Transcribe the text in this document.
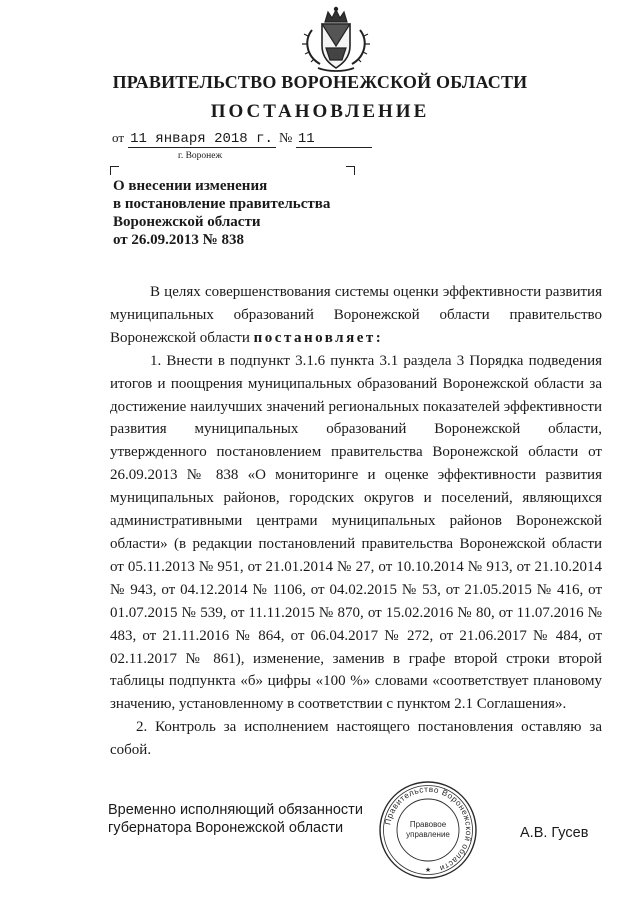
ПРАВИТЕЛЬСТВО ВОРОНЕЖСКОЙ ОБЛАСТИ
ПОСТАНОВЛЕНИЕ
от 11 января 2018 г. № 11
г. Воронеж
О внесении изменения
в постановление правительства
Воронежской области
от 26.09.2013 № 838

В целях совершенствования системы оценки эффективности развития муниципальных образований Воронежской области правительство Воронежской области постановляет:

1. Внести в подпункт 3.1.6 пункта 3.1 раздела 3 Порядка подведения итогов и поощрения муниципальных образований Воронежской области за достижение наилучших значений региональных показателей эффективности развития муниципальных образований Воронежской области, утвержденного постановлением правительства Воронежской области от 26.09.2013 № 838 «О мониторинге и оценке эффективности развития муниципальных районов, городских округов и поселений, являющихся административными центрами муниципальных районов Воронежской области» (в редакции постановлений правительства Воронежской области от 05.11.2013 № 951, от 21.01.2014 № 27, от 10.10.2014 № 913, от 21.10.2014 № 943, от 04.12.2014 № 1106, от 04.02.2015 № 53, от 21.05.2015 № 416, от 01.07.2015 № 539, от 11.11.2015 № 870, от 15.02.2016 № 80, от 11.07.2016 № 483, от 21.11.2016 № 864, от 06.04.2017 № 272, от 21.06.2017 № 484, от 02.11.2017 № 861), изменение, заменив в графе второй строки второй таблицы подпункта «б» цифры «100 %» словами «соответствует плановому значению, установленному в соответствии с пунктом 2.1 Соглашения».

2. Контроль за исполнением настоящего постановления оставляю за собой.

Временно исполняющий обязанности
губернатора Воронежской области	Правительство Воронежской области
Правовое
управление
★
А.В. Гусев
